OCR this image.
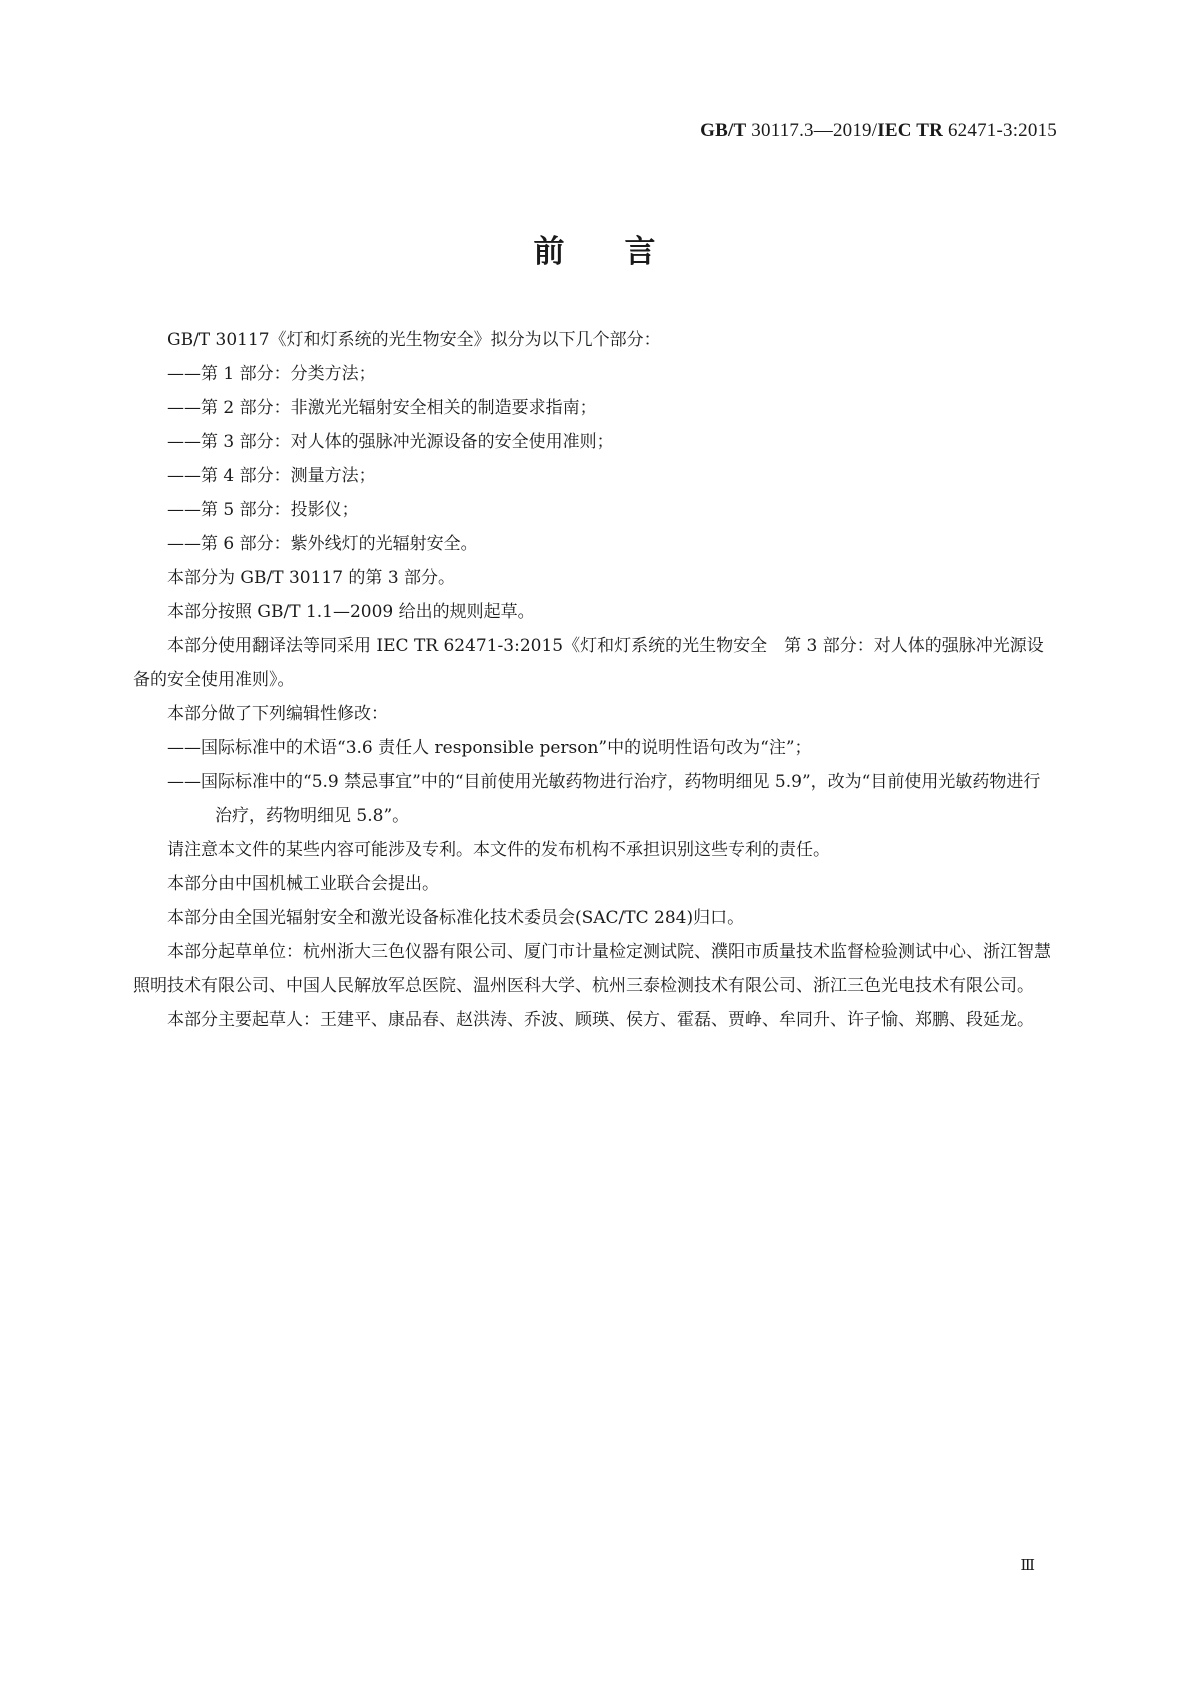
GB/T 30117.3—2019/IEC TR 62471-3:2015
前 言

GB/T 30117《灯和灯系统的光生物安全》拟分为以下几个部分：

——第 1 部分：分类方法；

——第 2 部分：非激光光辐射安全相关的制造要求指南；

——第 3 部分：对人体的强脉冲光源设备的安全使用准则；

——第 4 部分：测量方法；

——第 5 部分：投影仪；

——第 6 部分：紫外线灯的光辐射安全。

本部分为 GB/T 30117 的第 3 部分。

本部分按照 GB/T 1.1—2009 给出的规则起草。

本部分使用翻译法等同采用 IEC TR 62471-3:2015《灯和灯系统的光生物安全　第 3 部分：对人体的强脉冲光源设备的安全使用准则》。

本部分做了下列编辑性修改：

——国际标准中的术语“3.6 责任人 responsible person”中的说明性语句改为“注”；

——国际标准中的“5.9 禁忌事宜”中的“目前使用光敏药物进行治疗，药物明细见 5.9”，改为“目前使用光敏药物进行治疗，药物明细见 5.8”。

请注意本文件的某些内容可能涉及专利。本文件的发布机构不承担识别这些专利的责任。

本部分由中国机械工业联合会提出。

本部分由全国光辐射安全和激光设备标准化技术委员会(SAC/TC 284)归口。

本部分起草单位：杭州浙大三色仪器有限公司、厦门市计量检定测试院、濮阳市质量技术监督检验测试中心、浙江智慧照明技术有限公司、中国人民解放军总医院、温州医科大学、杭州三泰检测技术有限公司、浙江三色光电技术有限公司。

本部分主要起草人：王建平、康品春、赵洪涛、乔波、顾瑛、侯方、霍磊、贾峥、牟同升、许子愉、郑鹏、段延龙。

Ⅲ
